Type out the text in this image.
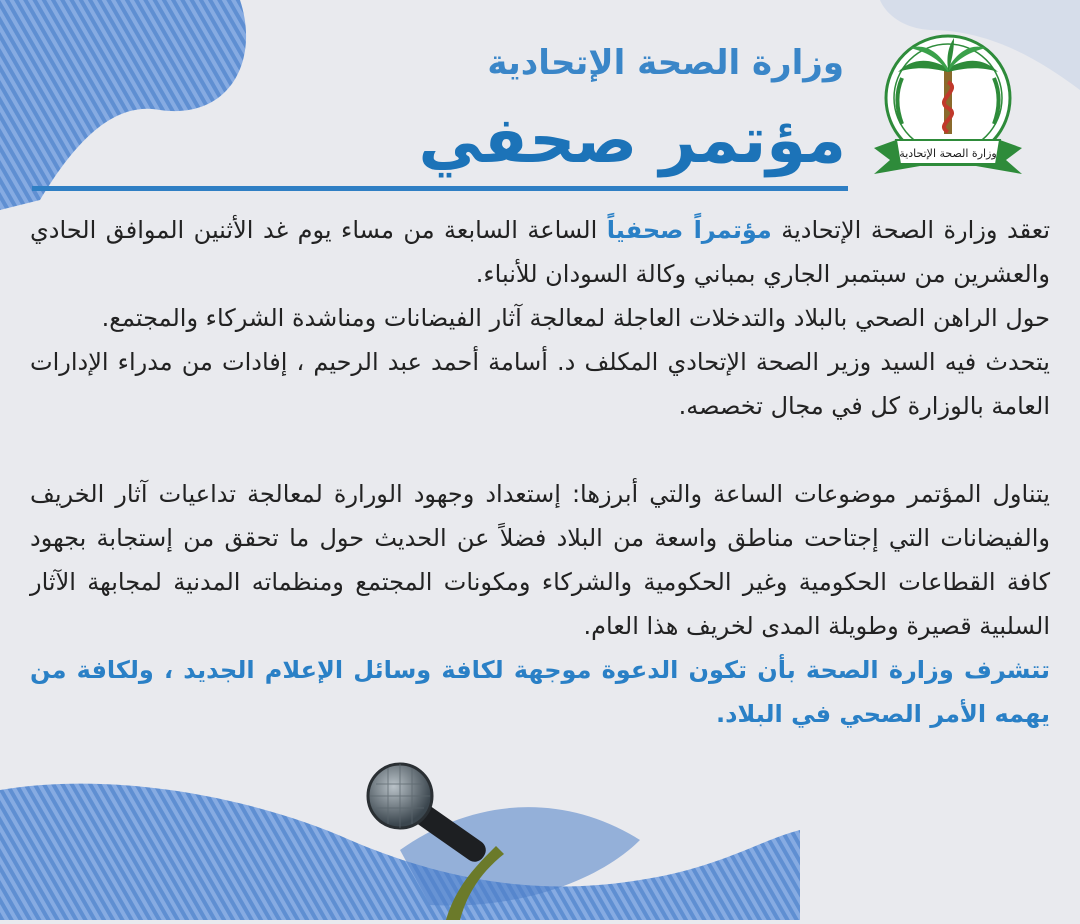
وزارة الصحة الإتحادية
وزارة الصحة الإتحادية
مؤتمر صحفي

تعقد وزارة الصحة الإتحادية مؤتمراً صحفياً الساعة السابعة من مساء يوم غد الأثنين الموافق الحادي والعشرين من سبتمبر الجاري بمباني وكالة السودان للأنباء.

حول الراهن الصحي بالبلاد والتدخلات العاجلة لمعالجة آثار الفيضانات ومناشدة الشركاء والمجتمع.

يتحدث فيه السيد وزير الصحة الإتحادي المكلف د. أسامة أحمد عبد الرحيم ، إفادات من مدراء الإدارات العامة بالوزارة كل في مجال تخصصه.

يتناول المؤتمر موضوعات الساعة والتي أبرزها: إستعداد وجهود الورارة لمعالجة تداعيات آثار الخريف والفيضانات التي إجتاحت مناطق واسعة من البلاد فضلاً عن الحديث حول ما تحقق من إستجابة بجهود كافة القطاعات الحكومية وغير الحكومية والشركاء ومكونات المجتمع ومنظماته المدنية لمجابهة الآثار السلبية قصيرة وطويلة المدى لخريف هذا العام.

تتشرف وزارة الصحة بأن تكون الدعوة موجهة لكافة وسائل الإعلام الجديد ، ولكافة من يهمه الأمر الصحي في البلاد.
